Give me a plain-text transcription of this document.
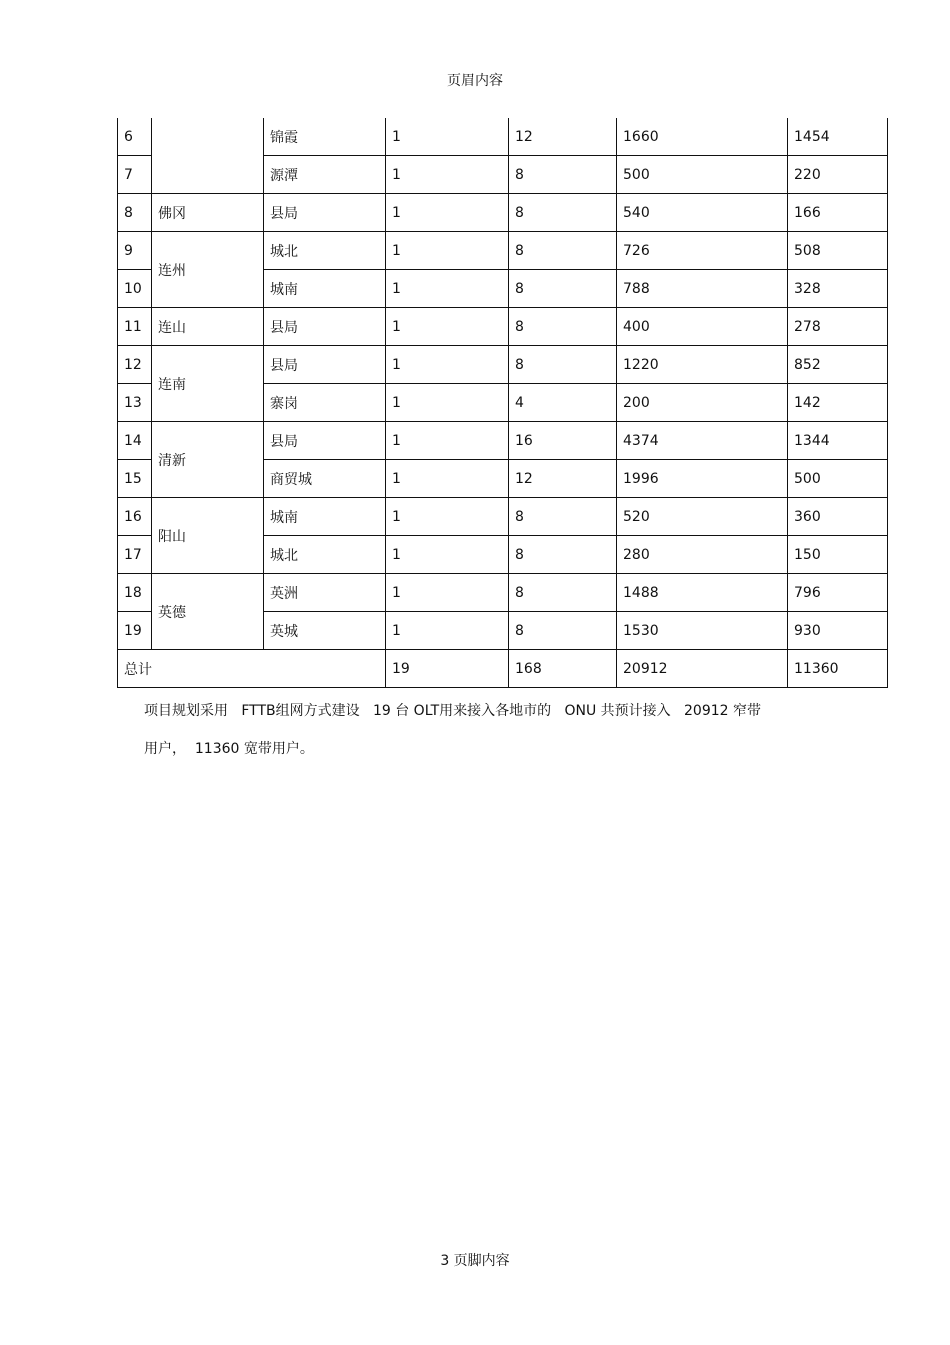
页眉内容
6		锦霞	1	12	1660	1454
7		源潭	1	8	500	220
8	佛冈	县局	1	8	540	166
9	连州	城北	1	8	726	508
10		城南	1	8	788	328
11	连山	县局	1	8	400	278
12	连南	县局	1	8	1220	852
13		寨岗	1	4	200	142
14	清新	县局	1	16	4374	1344
15		商贸城	1	12	1996	500
16	阳山	城南	1	8	520	360
17		城北	1	8	280	150
18	英德	英洲	1	8	1488	796
19		英城	1	8	1530	930
总计			19	168	20912	11360
项目规划采用   FTTB组网方式建设   19 台 OLT用来接入各地市的   ONU 共预计接入   20912 窄带
用户，  11360 宽带用户。
3 页脚内容
